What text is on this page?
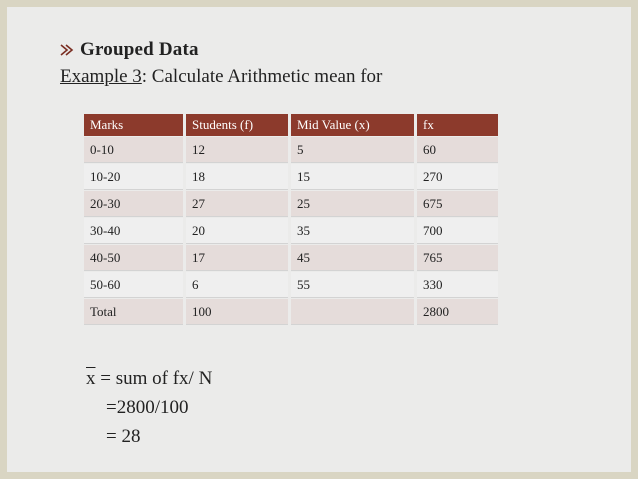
Grouped Data
Example 3: Calculate Arithmetic mean for
Marks	Students (f)	Mid Value (x)	fx
0-10	12	5	60
10-20	18	15	270
20-30	27	25	675
30-40	20	35	700
40-50	17	45	765
50-60	6	55	330
Total	100		2800
$\overline{x}$ = sum of fx/ N
=2800/100
= 28
